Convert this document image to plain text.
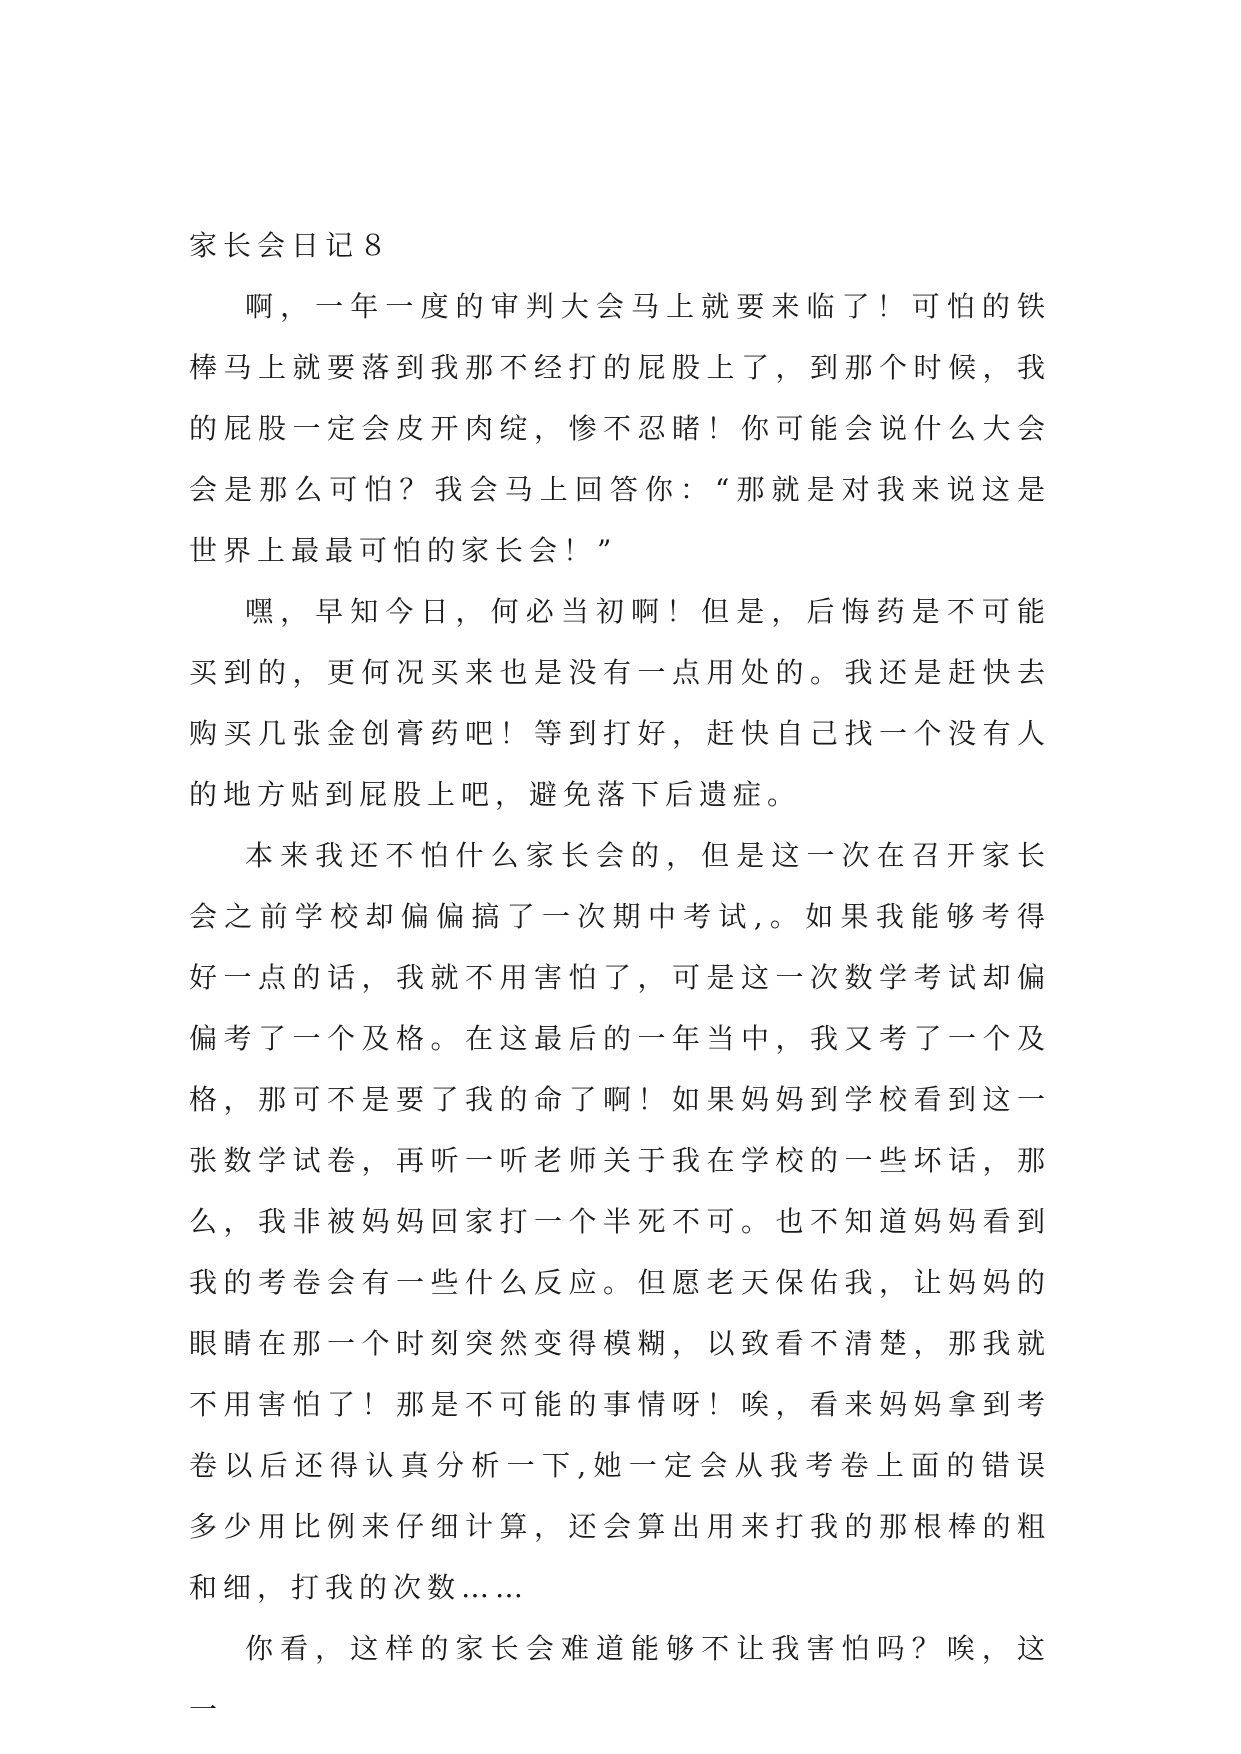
家长会日记８

啊，一年一度的审判大会马上就要来临了！可怕的铁棒马上就要落到我那不经打的屁股上了，到那个时候，我的屁股一定会皮开肉绽，惨不忍睹！你可能会说什么大会会是那么可怕？我会马上回答你：“那就是对我来说这是世界上最最可怕的家长会！”

嘿，早知今日，何必当初啊！但是，后悔药是不可能买到的，更何况买来也是没有一点用处的。我还是赶快去购买几张金创膏药吧！等到打好，赶快自己找一个没有人的地方贴到屁股上吧，避免落下后遗症。

本来我还不怕什么家长会的，但是这一次在召开家长会之前学校却偏偏搞了一次期中考试,。如果我能够考得好一点的话，我就不用害怕了，可是这一次数学考试却偏偏考了一个及格。在这最后的一年当中，我又考了一个及格，那可不是要了我的命了啊！如果妈妈到学校看到这一张数学试卷，再听一听老师关于我在学校的一些坏话，那么，我非被妈妈回家打一个半死不可。也不知道妈妈看到我的考卷会有一些什么反应。但愿老天保佑我，让妈妈的眼睛在那一个时刻突然变得模糊，以致看不清楚，那我就不用害怕了！那是不可能的事情呀！唉，看来妈妈拿到考卷以后还得认真分析一下,她一定会从我考卷上面的错误多少用比例来仔细计算，还会算出用来打我的那根棒的粗和细，打我的次数……

你看，这样的家长会难道能够不让我害怕吗？唉，这一
